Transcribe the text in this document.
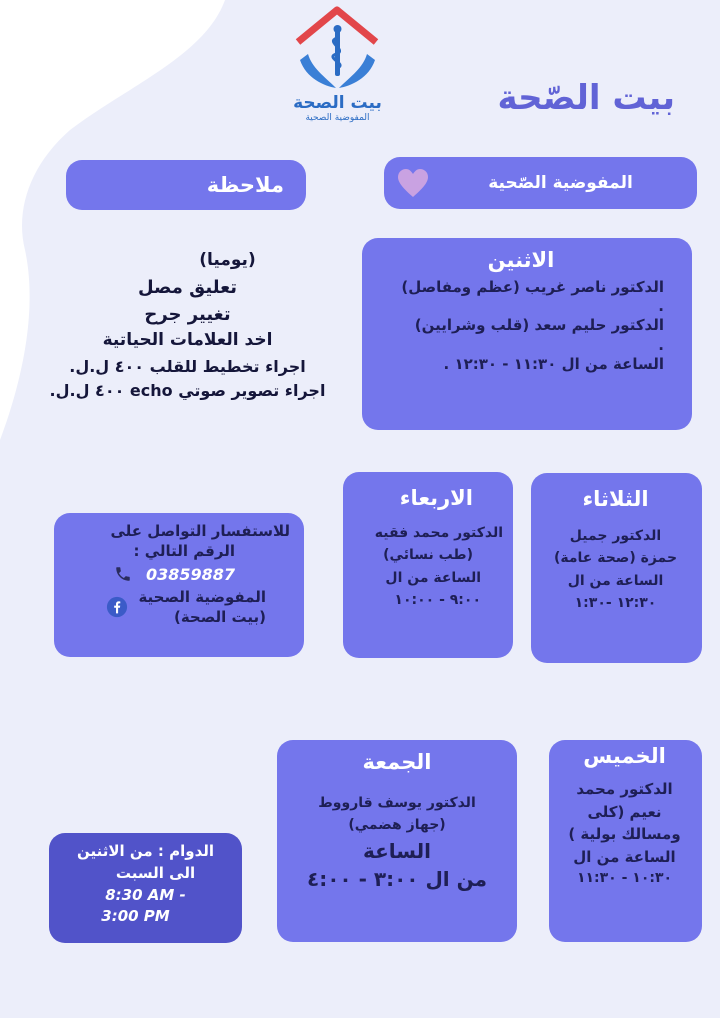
بيت الصحة
المفوضية الصحية	بيت الصّحة
ملاحظة	المفوضية الصّحية
(يوميا)
تعليق مصل
تغيير جرح
اخد العلامات الحياتية
اجراء تخطيط للقلب ٤٠٠ ل.ل.
اجراء تصوير صوتي echo ٤٠٠ ل.ل.
الاثنين
الدكتور ناصر غريب (عظم ومفاصل)
.
الدكتور حليم سعد (قلب وشرايين)
.
الساعة من ال ١١:٣٠ - ١٢:٣٠ .
الاربعاء
الدكتور محمد فقيه
(طب نسائي)
الساعة من ال
٩:٠٠ - ١٠:٠٠
الثلاثاء
الدكتور جميل
حمزة (صحة عامة)
الساعة من ال
١٢:٣٠ -١:٣٠
للاستفسار التواصل على
الرقم التالي :
03859887
المفوضية الصحية
(بيت الصحة)
الجمعة
الدكتور يوسف قارووط
(جهاز هضمي)
الساعة
من ال ٣:٠٠ - ٤:٠٠
الخميس
الدكتور محمد
نعيم (كلى
ومسالك بولية )
الساعة من ال
١٠:٣٠ - ١١:٣٠
الدوام : من الاثنين
الى السبت
8:30 AM -
3:00 PM
